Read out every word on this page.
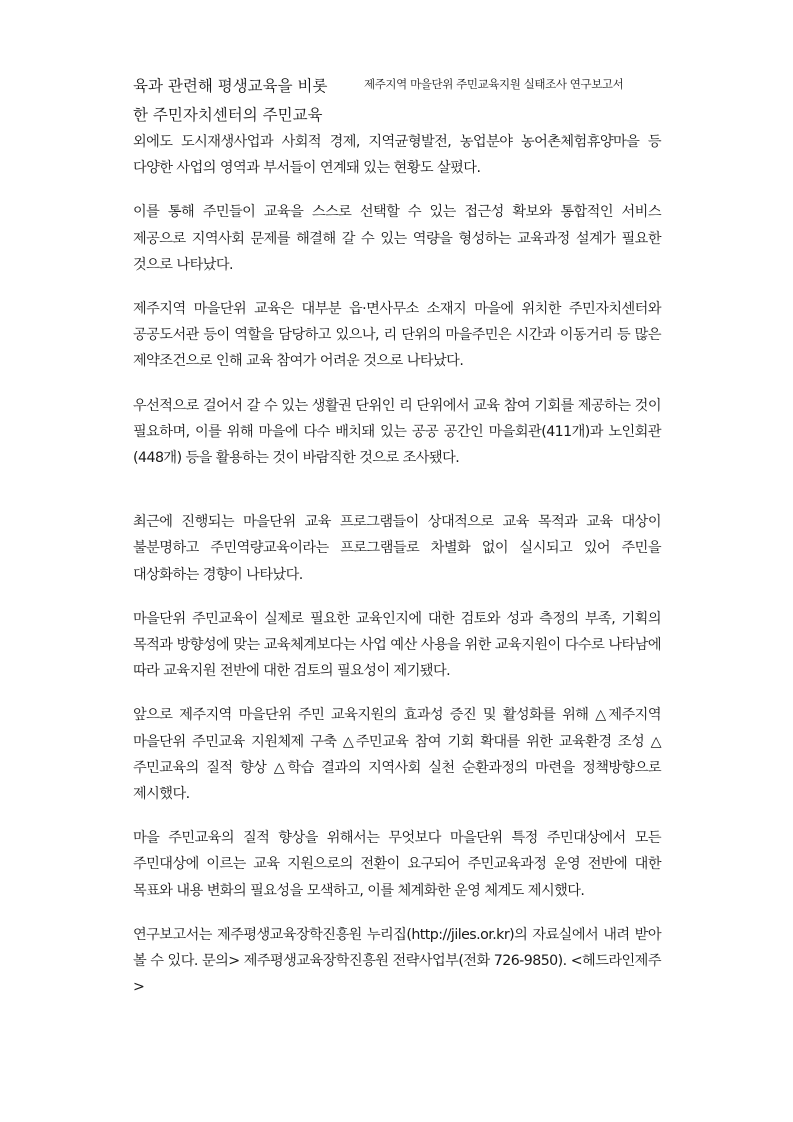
육과 관련해 평생교육을 비롯
한 주민자치센터의 주민교육
제주지역 마을단위 주민교육지원 실태조사 연구보고서

외에도 도시재생사업과 사회적 경제, 지역균형발전, 농업분야 농어촌체험휴양마을 등 다양한 사업의 영역과 부서들이 연계돼 있는 현황도 살폈다.

이를 통해 주민들이 교육을 스스로 선택할 수 있는 접근성 확보와 통합적인 서비스 제공으로 지역사회 문제를 해결해 갈 수 있는 역량을 형성하는 교육과정 설계가 필요한 것으로 나타났다.

제주지역 마을단위 교육은 대부분 읍·면사무소 소재지 마을에 위치한 주민자치센터와 공공도서관 등이 역할을 담당하고 있으나, 리 단위의 마을주민은 시간과 이동거리 등 많은 제약조건으로 인해 교육 참여가 어려운 것으로 나타났다.

우선적으로 걸어서 갈 수 있는 생활권 단위인 리 단위에서 교육 참여 기회를 제공하는 것이 필요하며, 이를 위해 마을에 다수 배치돼 있는 공공 공간인 마을회관(411개)과 노인회관(448개) 등을 활용하는 것이 바람직한 것으로 조사됐다.

최근에 진행되는 마을단위 교육 프로그램들이 상대적으로 교육 목적과 교육 대상이 불분명하고 주민역량교육이라는 프로그램들로 차별화 없이 실시되고 있어 주민을 대상화하는 경향이 나타났다.

마을단위 주민교육이 실제로 필요한 교육인지에 대한 검토와 성과 측정의 부족, 기획의 목적과 방향성에 맞는 교육체계보다는 사업 예산 사용을 위한 교육지원이 다수로 나타남에 따라 교육지원 전반에 대한 검토의 필요성이 제기됐다.

앞으로 제주지역 마을단위 주민 교육지원의 효과성 증진 및 활성화를 위해 △제주지역 마을단위 주민교육 지원체제 구축 △주민교육 참여 기회 확대를 위한 교육환경 조성 △주민교육의 질적 향상 △학습 결과의 지역사회 실천 순환과정의 마련을 정책방향으로 제시했다.

마을 주민교육의 질적 향상을 위해서는 무엇보다 마을단위 특정 주민대상에서 모든 주민대상에 이르는 교육 지원으로의 전환이 요구되어 주민교육과정 운영 전반에 대한 목표와 내용 변화의 필요성을 모색하고, 이를 체계화한 운영 체계도 제시했다.

연구보고서는 제주평생교육장학진흥원 누리집(http://jiles.or.kr)의 자료실에서 내려 받아 볼 수 있다. 문의> 제주평생교육장학진흥원 전략사업부(전화 726-9850). <헤드라인제주>
